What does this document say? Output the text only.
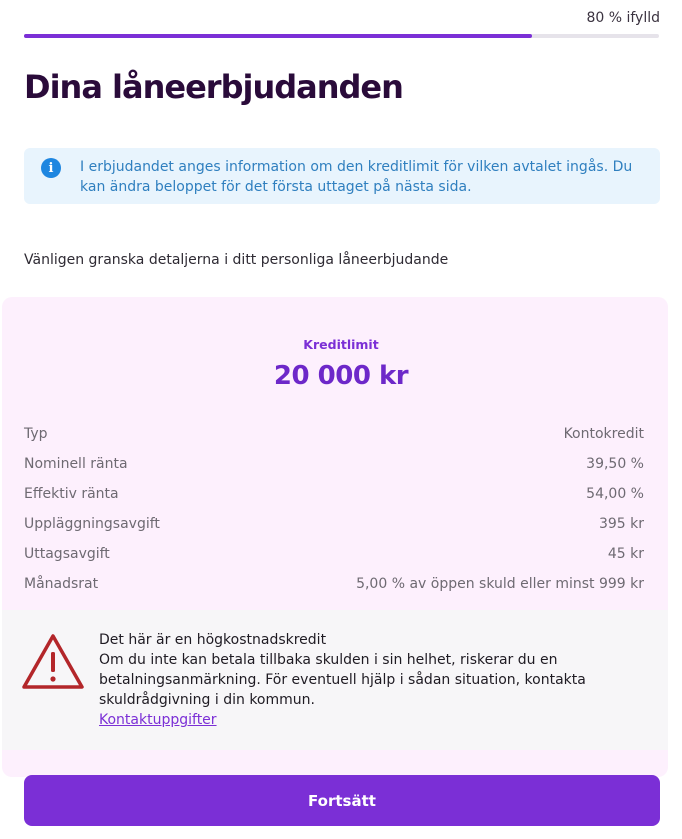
80 % ifylld
Dina låneerbjudanden
i	I erbjudandet anges information om den kreditlimit för vilken avtalet ingås. Du kan ändra beloppet för det första uttaget på nästa sida.

Vänligen granska detaljerna i ditt personliga låneerbjudande

Kreditlimit
20 000 kr
Typ	Kontokredit
Nominell ränta	39,50 %
Effektiv ränta	54,00 %
Uppläggningsavgift	395 kr
Uttagsavgift	45 kr
Månadsrat	5,00 % av öppen skuld eller minst 999 kr
Det här är en högkostnadskredit
Om du inte kan betala tillbaka skulden i sin helhet, riskerar du en betalningsanmärkning. För eventuell hjälp i sådan situation, kontakta skuldrådgivning i din kommun.
Kontaktuppgifter
Fortsätt
